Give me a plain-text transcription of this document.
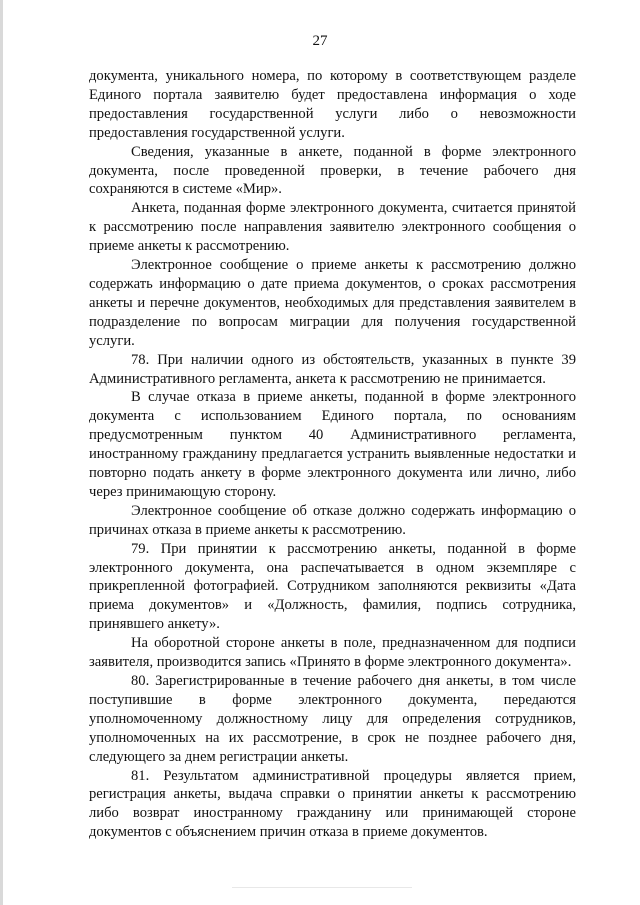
27

документа, уникального номера, по которому в соответствующем разделе Единого портала заявителю будет предоставлена информация о ходе предоставления государственной услуги либо о невозможности предоставления государственной услуги.

Сведения, указанные в анкете, поданной в форме электронного документа, после проведенной проверки, в течение рабочего дня сохраняются в системе «Мир».

Анкета, поданная форме электронного документа, считается принятой к рассмотрению после направления заявителю электронного сообщения о приеме анкеты к рассмотрению.

Электронное сообщение о приеме анкеты к рассмотрению должно содержать информацию о дате приема документов, о сроках рассмотрения анкеты и перечне документов, необходимых для представления заявителем в подразделение по вопросам миграции для получения государственной услуги.

78. При наличии одного из обстоятельств, указанных в пункте 39 Административного регламента, анкета к рассмотрению не принимается.

В случае отказа в приеме анкеты, поданной в форме электронного документа с использованием Единого портала, по основаниям предусмотренным пунктом 40 Административного регламента, иностранному гражданину предлагается устранить выявленные недостатки и повторно подать анкету в форме электронного документа или лично, либо через принимающую сторону.

Электронное сообщение об отказе должно содержать информацию о причинах отказа в приеме анкеты к рассмотрению.

79. При принятии к рассмотрению анкеты, поданной в форме электронного документа, она распечатывается в одном экземпляре с прикрепленной фотографией. Сотрудником заполняются реквизиты «Дата приема документов» и «Должность, фамилия, подпись сотрудника, принявшего анкету».

На оборотной стороне анкеты в поле, предназначенном для подписи заявителя, производится запись «Принято в форме электронного документа».

80. Зарегистрированные в течение рабочего дня анкеты, в том числе поступившие в форме электронного документа, передаются уполномоченному должностному лицу для определения сотрудников, уполномоченных на их рассмотрение, в срок не позднее рабочего дня, следующего за днем регистрации анкеты.

81. Результатом административной процедуры является прием, регистрация анкеты, выдача справки о принятии анкеты к рассмотрению либо возврат иностранному гражданину или принимающей стороне документов с объяснением причин отказа в приеме документов.
